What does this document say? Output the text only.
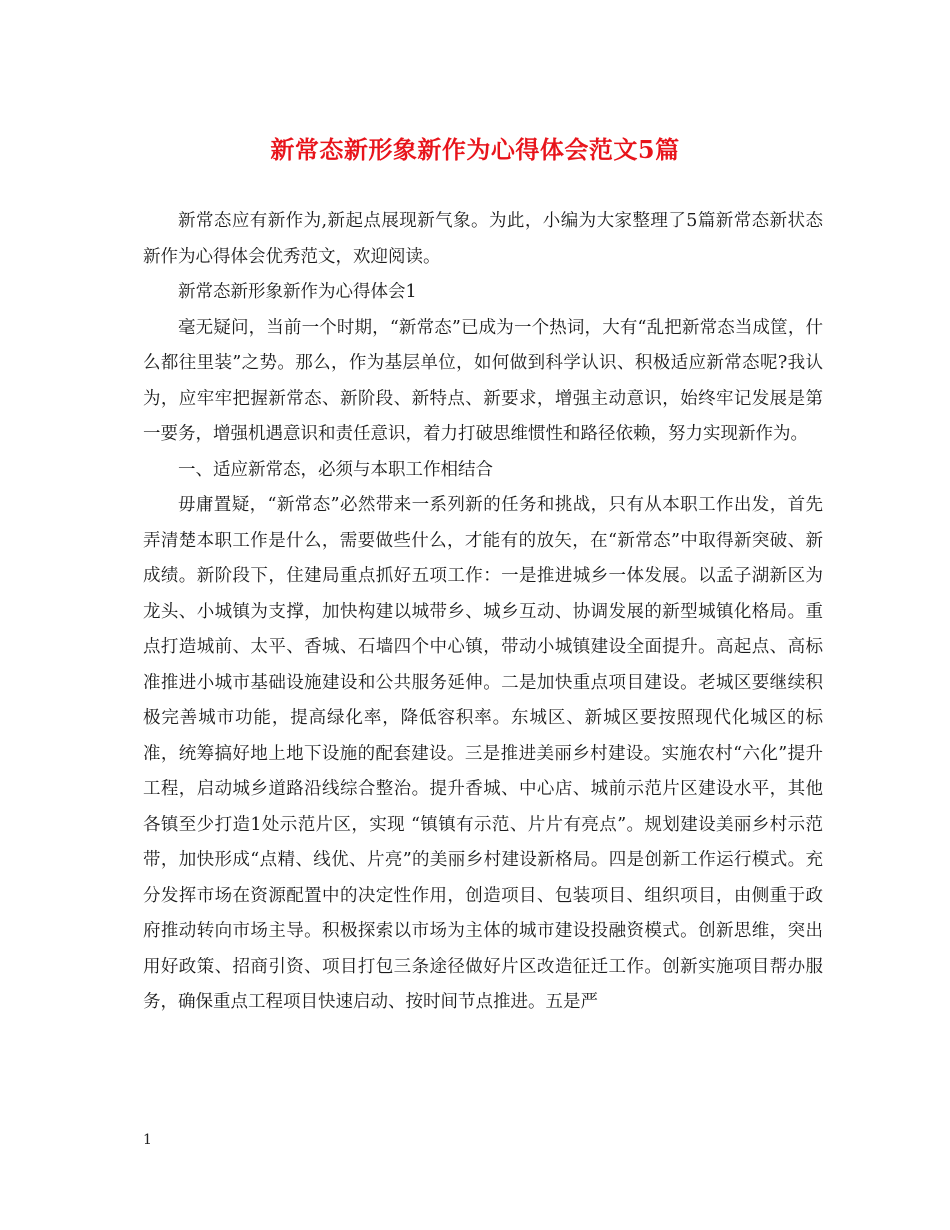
新常态新形象新作为心得体会范文5篇

新常态应有新作为,新起点展现新气象。为此，小编为大家整理了5篇新常态新状态新作为心得体会优秀范文，欢迎阅读。

新常态新形象新作为心得体会1

毫无疑问，当前一个时期，“新常态”已成为一个热词，大有“乱把新常态当成筐，什么都往里装”之势。那么，作为基层单位，如何做到科学认识、积极适应新常态呢?我认为，应牢牢把握新常态、新阶段、新特点、新要求，增强主动意识，始终牢记发展是第一要务，增强机遇意识和责任意识，着力打破思维惯性和路径依赖，努力实现新作为。

一、适应新常态，必须与本职工作相结合

毋庸置疑，“新常态”必然带来一系列新的任务和挑战，只有从本职工作出发，首先弄清楚本职工作是什么，需要做些什么，才能有的放矢，在“新常态”中取得新突破、新成绩。新阶段下，住建局重点抓好五项工作：一是推进城乡一体发展。以孟子湖新区为龙头、小城镇为支撑，加快构建以城带乡、城乡互动、协调发展的新型城镇化格局。重点打造城前、太平、香城、石墙四个中心镇，带动小城镇建设全面提升。高起点、高标准推进小城市基础设施建设和公共服务延伸。二是加快重点项目建设。老城区要继续积极完善城市功能，提高绿化率，降低容积率。东城区、新城区要按照现代化城区的标准，统筹搞好地上地下设施的配套建设。三是推进美丽乡村建设。实施农村“六化”提升工程，启动城乡道路沿线综合整治。提升香城、中心店、城前示范片区建设水平，其他各镇至少打造1处示范片区，实现 “镇镇有示范、片片有亮点”。规划建设美丽乡村示范带，加快形成“点精、线优、片亮”的美丽乡村建设新格局。四是创新工作运行模式。充分发挥市场在资源配置中的决定性作用，创造项目、包装项目、组织项目，由侧重于政府推动转向市场主导。积极探索以市场为主体的城市建设投融资模式。创新思维，突出用好政策、招商引资、项目打包三条途径做好片区改造征迁工作。创新实施项目帮办服务，确保重点工程项目快速启动、按时间节点推进。五是严

1
